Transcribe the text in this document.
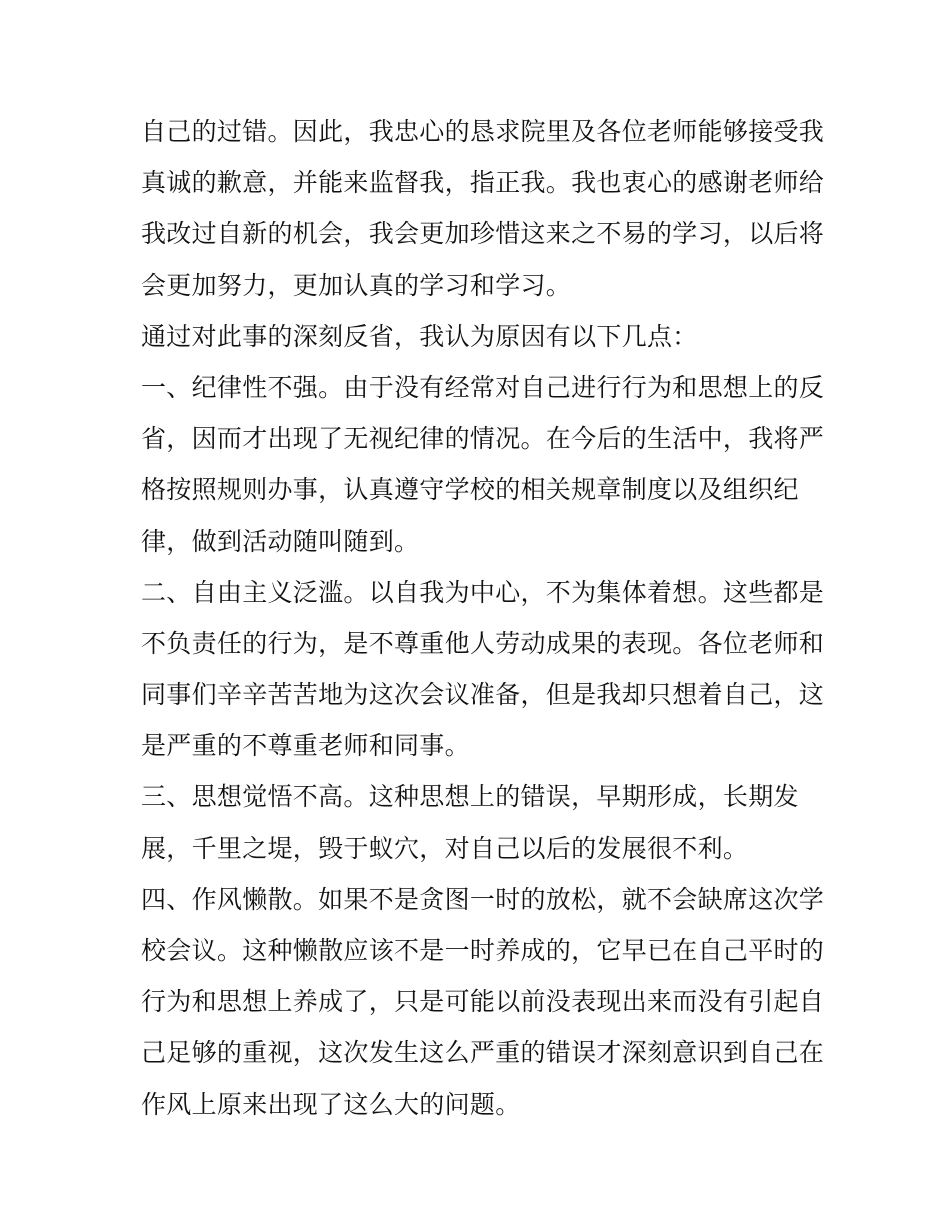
自己的过错。因此，我忠心的恳求院里及各位老师能够接受我
真诚的歉意，并能来监督我，指正我。我也衷心的感谢老师给
我改过自新的机会，我会更加珍惜这来之不易的学习，以后将
会更加努力，更加认真的学习和学习。
通过对此事的深刻反省，我认为原因有以下几点：
一、纪律性不强。由于没有经常对自己进行行为和思想上的反
省，因而才出现了无视纪律的情况。在今后的生活中，我将严
格按照规则办事，认真遵守学校的相关规章制度以及组织纪
律，做到活动随叫随到。
二、自由主义泛滥。以自我为中心，不为集体着想。这些都是
不负责任的行为，是不尊重他人劳动成果的表现。各位老师和
同事们辛辛苦苦地为这次会议准备，但是我却只想着自己，这
是严重的不尊重老师和同事。
三、思想觉悟不高。这种思想上的错误，早期形成，长期发
展，千里之堤，毁于蚁穴，对自己以后的发展很不利。
四、作风懒散。如果不是贪图一时的放松，就不会缺席这次学
校会议。这种懒散应该不是一时养成的，它早已在自己平时的
行为和思想上养成了，只是可能以前没表现出来而没有引起自
己足够的重视，这次发生这么严重的错误才深刻意识到自己在
作风上原来出现了这么大的问题。
